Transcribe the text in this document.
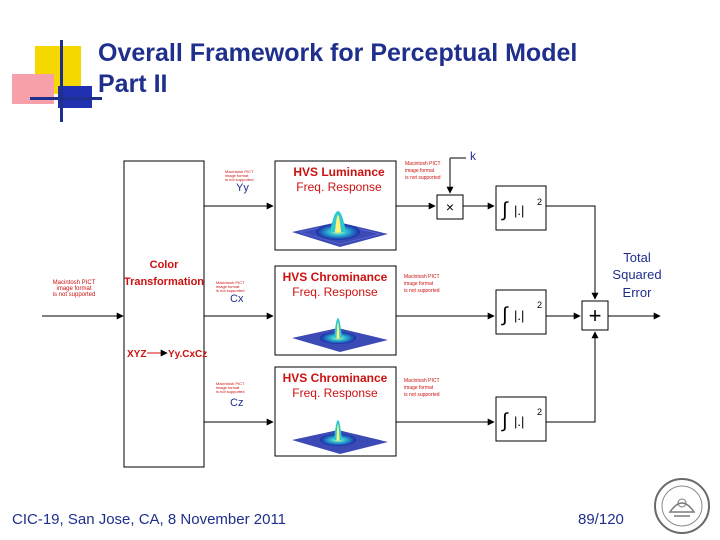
Overall Framework for Perceptual Model
Part II
Color
Transformation
XYZ Yy.CxCz
Macintosh PICT
image format
is not supported
Yy
Cx
Cz
Macintosh PICT
image format
is not supported
Macintosh PICT
image format
is not supported
Macintosh PICT
image format
is not supported
HVS Luminance
Freq. Response
HVS Chrominance
Freq. Response
HVS Chrominance
Freq. Response
Macintosh PICT
image format
is not supported
Macintosh PICT
image format
is not supported
Macintosh PICT
image format
is not supported
k
× ∫ |.|
2
∫ |.|
2
∫ |.|
2
+
Total
Squared
Error
CIC-19, San Jose, CA, 8 November 2011	89/120
